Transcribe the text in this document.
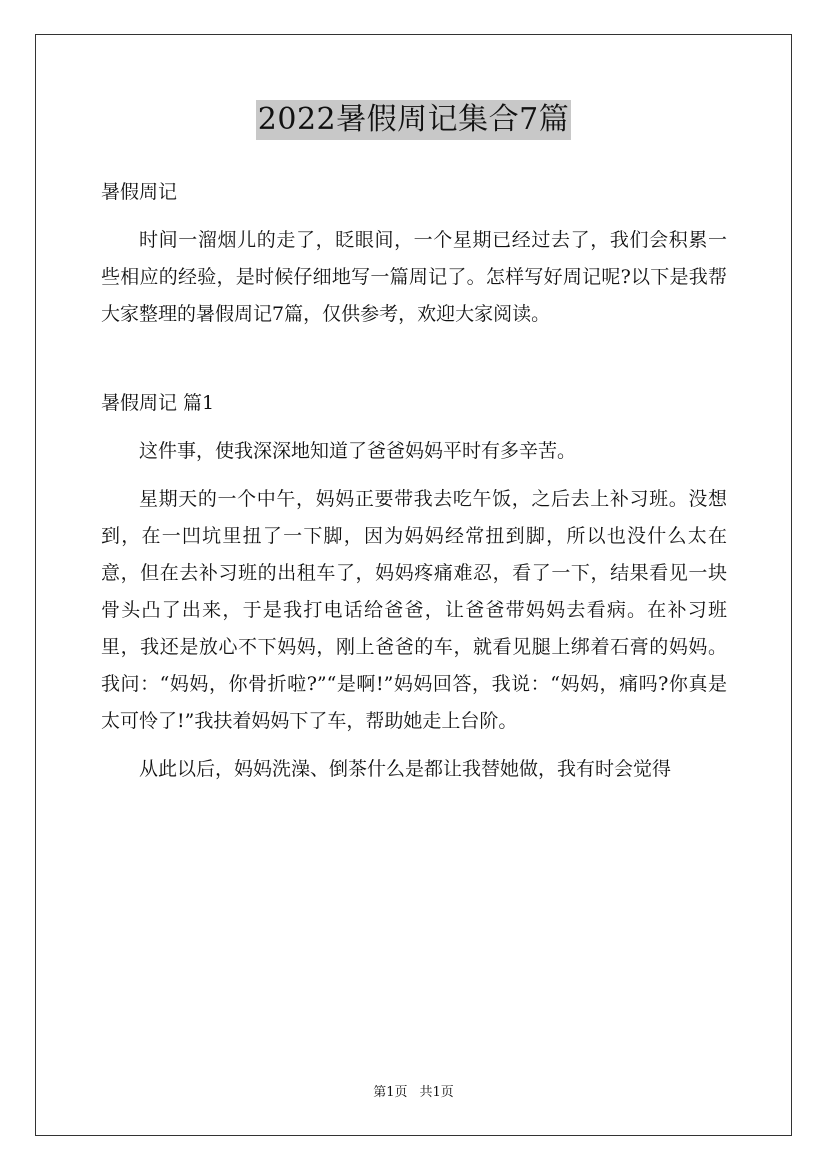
2022暑假周记集合7篇

暑假周记

时间一溜烟儿的走了，眨眼间，一个星期已经过去了，我们会积累一些相应的经验，是时候仔细地写一篇周记了。怎样写好周记呢?以下是我帮大家整理的暑假周记7篇，仅供参考，欢迎大家阅读。

暑假周记 篇1

这件事，使我深深地知道了爸爸妈妈平时有多辛苦。

星期天的一个中午，妈妈正要带我去吃午饭，之后去上补习班。没想到，在一凹坑里扭了一下脚，因为妈妈经常扭到脚，所以也没什么太在意，但在去补习班的出租车了，妈妈疼痛难忍，看了一下，结果看见一块骨头凸了出来，于是我打电话给爸爸，让爸爸带妈妈去看病。在补习班里，我还是放心不下妈妈，刚上爸爸的车，就看见腿上绑着石膏的妈妈。我问：“妈妈，你骨折啦?”“是啊!”妈妈回答，我说：“妈妈，痛吗?你真是太可怜了!”我扶着妈妈下了车，帮助她走上台阶。

从此以后，妈妈洗澡、倒茶什么是都让我替她做，我有时会觉得

第1页 共1页
